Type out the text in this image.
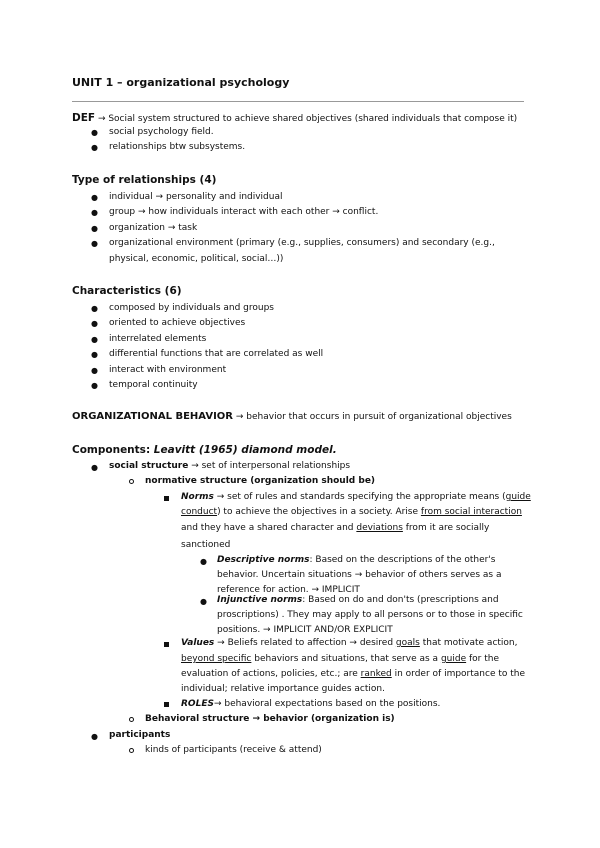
UNIT 1 – organizational psychology
DEF → Social system structured to achieve shared objectives (shared individuals that compose it)
● social psychology field.
● relationships btw subsystems.
Type of relationships (4)
● individual → personality and individual
● group → how individuals interact with each other → conflict.
● organization → task
● organizational environment (primary (e.g., supplies, consumers) and secondary (e.g.,
physical, economic, political, social…))
Characteristics (6)
● composed by individuals and groups
● oriented to achieve objectives
● interrelated elements
● differential functions that are correlated as well
● interact with environment
● temporal continuity
ORGANIZATIONAL BEHAVIOR → behavior that occurs in pursuit of organizational objectives
Components: Leavitt (1965) diamond model.
● social structure → set of interpersonal relationships
normative structure (organization should be)
Norms → set of rules and standards specifying the appropriate means (guide
conduct) to achieve the objectives in a society. Arise from social interaction
and they have a shared character and deviations from it are socially
sanctioned
● Descriptive norms: Based on the descriptions of the other's
behavior. Uncertain situations → behavior of others serves as a
reference for action. → IMPLICIT
● Injunctive norms: Based on do and don'ts (prescriptions and
proscriptions) . They may apply to all persons or to those in specific
positions. → IMPLICIT AND/OR EXPLICIT
Values → Beliefs related to affection → desired goals that motivate action,
beyond specific behaviors and situations, that serve as a guide for the
evaluation of actions, policies, etc.; are ranked in order of importance to the
individual; relative importance guides action.
ROLES→ behavioral expectations based on the positions.
Behavioral structure → behavior (organization is)
● participants
kinds of participants (receive & attend)
